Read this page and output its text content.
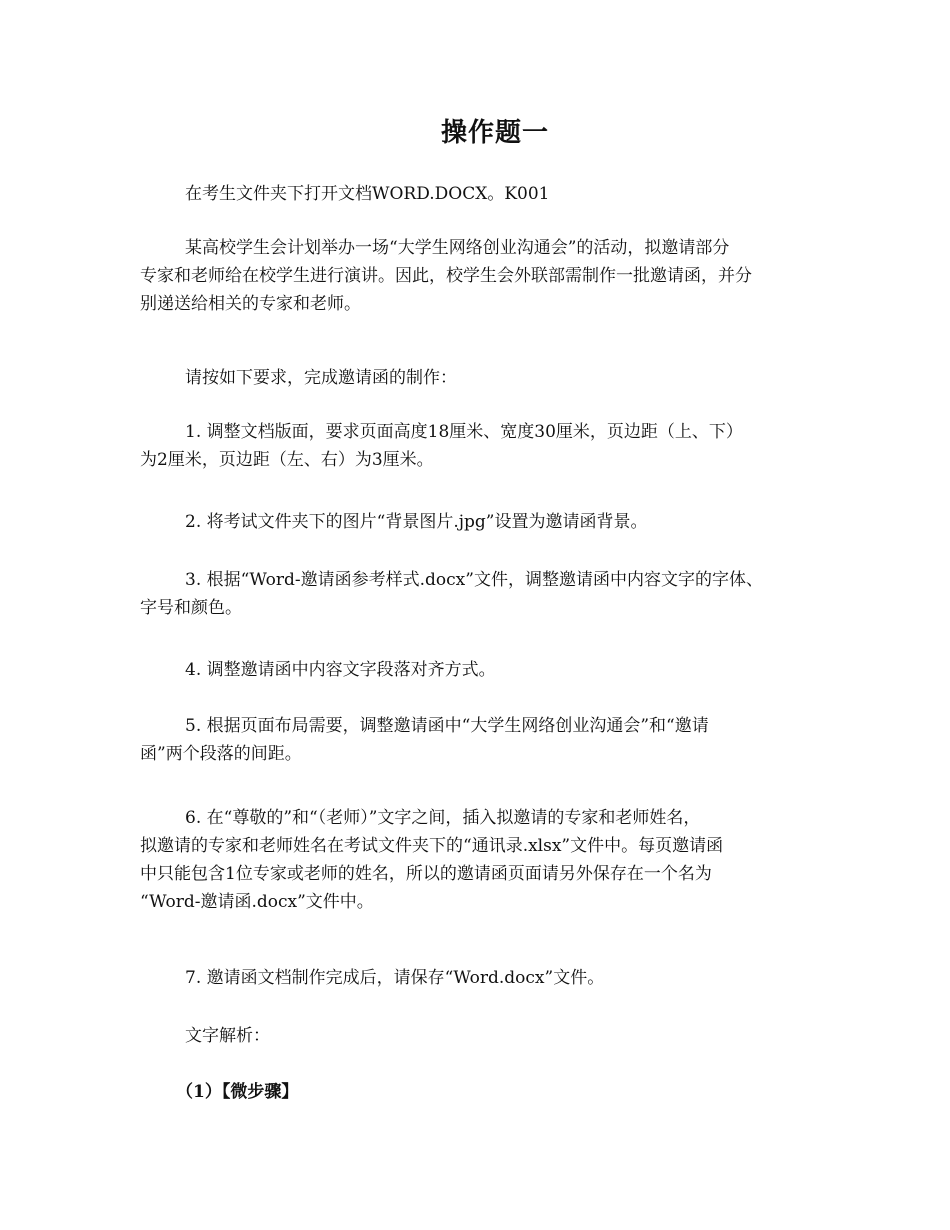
操作题一
在考生文件夹下打开文档WORD.DOCX。K001
某高校学生会计划举办一场“大学生网络创业沟通会”的活动，拟邀请部分
专家和老师给在校学生进行演讲。因此，校学生会外联部需制作一批邀请函，并分
别递送给相关的专家和老师。
请按如下要求，完成邀请函的制作：
1. 调整文档版面，要求页面高度18厘米、宽度30厘米，页边距（上、下）
为2厘米，页边距（左、右）为3厘米。
2. 将考试文件夹下的图片“背景图片.jpg”设置为邀请函背景。
3. 根据“Word-邀请函参考样式.docx”文件，调整邀请函中内容文字的字体、
字号和颜色。
4. 调整邀请函中内容文字段落对齐方式。
5. 根据页面布局需要，调整邀请函中“大学生网络创业沟通会”和“邀请
函”两个段落的间距。
6. 在“尊敬的”和“（老师）”文字之间，插入拟邀请的专家和老师姓名，
拟邀请的专家和老师姓名在考试文件夹下的“通讯录.xlsx”文件中。每页邀请函
中只能包含1位专家或老师的姓名，所以的邀请函页面请另外保存在一个名为
“Word-邀请函.docx”文件中。
7. 邀请函文档制作完成后，请保存“Word.docx”文件。
文字解析：
（1）【微步骤】
